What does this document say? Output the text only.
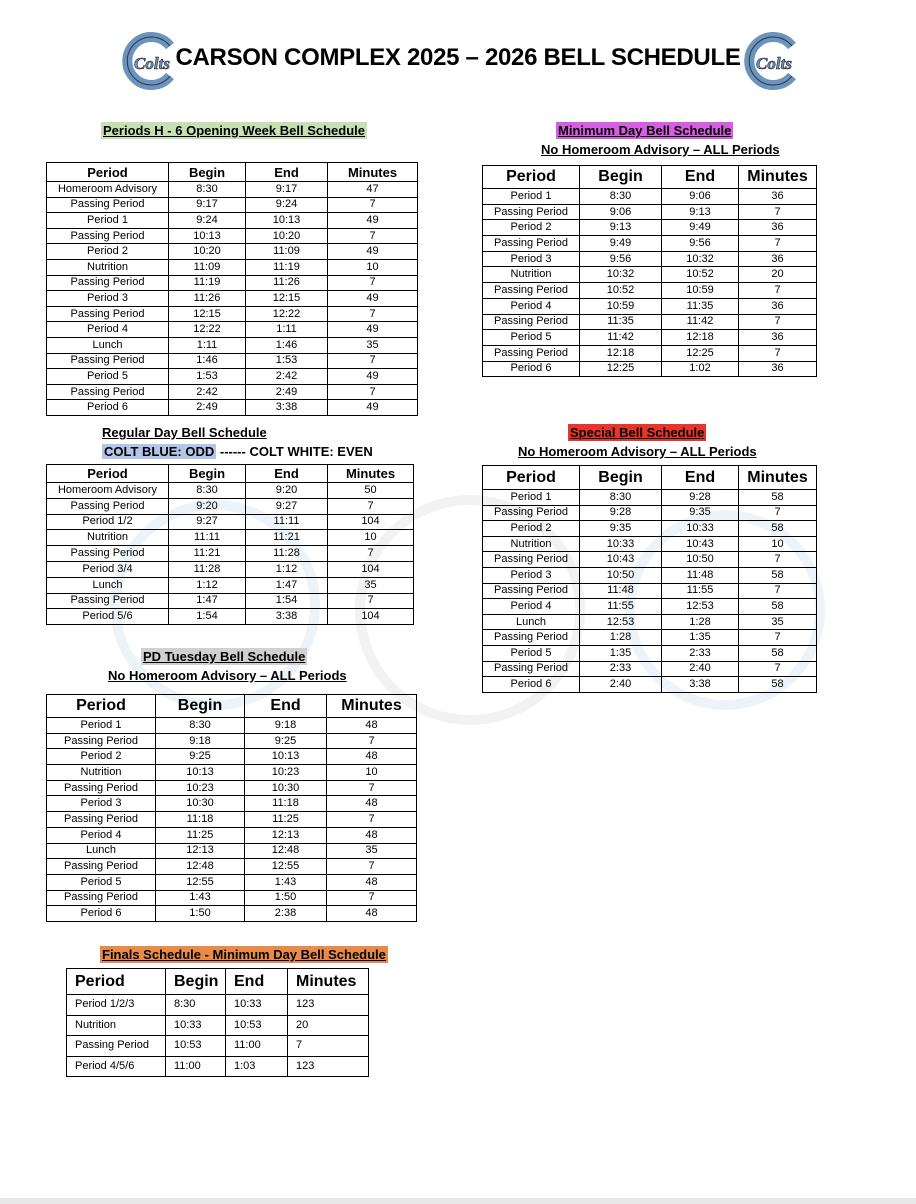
Colts CARSON COMPLEX 2025 – 2026 BELL SCHEDULE Colts
Periods H - 6 Opening Week Bell Schedule
Period	Begin	End	Minutes
Homeroom Advisory	8:30	9:17	47
Passing Period	9:17	9:24	7
Period 1	9:24	10:13	49
Passing Period	10:13	10:20	7
Period 2	10:20	11:09	49
Nutrition	11:09	11:19	10
Passing Period	11:19	11:26	7
Period 3	11:26	12:15	49
Passing Period	12:15	12:22	7
Period 4	12:22	1:11	49
Lunch	1:11	1:46	35
Passing Period	1:46	1:53	7
Period 5	1:53	2:42	49
Passing Period	2:42	2:49	7
Period 6	2:49	3:38	49
Minimum Day Bell Schedule
No Homeroom Advisory – ALL Periods
Period	Begin	End	Minutes
Period 1	8:30	9:06	36
Passing Period	9:06	9:13	7
Period 2	9:13	9:49	36
Passing Period	9:49	9:56	7
Period 3	9:56	10:32	36
Nutrition	10:32	10:52	20
Passing Period	10:52	10:59	7
Period 4	10:59	11:35	36
Passing Period	11:35	11:42	7
Period 5	11:42	12:18	36
Passing Period	12:18	12:25	7
Period 6	12:25	1:02	36
Regular Day Bell Schedule
COLT BLUE: ODD ------ COLT WHITE: EVEN
Period	Begin	End	Minutes
Homeroom Advisory	8:30	9:20	50
Passing Period	9:20	9:27	7
Period 1/2	9:27	11:11	104
Nutrition	11:11	11:21	10
Passing Period	11:21	11:28	7
Period 3/4	11:28	1:12	104
Lunch	1:12	1:47	35
Passing Period	1:47	1:54	7
Period 5/6	1:54	3:38	104
Special Bell Schedule
No Homeroom Advisory – ALL Periods
Period	Begin	End	Minutes
Period 1	8:30	9:28	58
Passing Period	9:28	9:35	7
Period 2	9:35	10:33	58
Nutrition	10:33	10:43	10
Passing Period	10:43	10:50	7
Period 3	10:50	11:48	58
Passing Period	11:48	11:55	7
Period 4	11:55	12:53	58
Lunch	12:53	1:28	35
Passing Period	1:28	1:35	7
Period 5	1:35	2:33	58
Passing Period	2:33	2:40	7
Period 6	2:40	3:38	58
PD Tuesday Bell Schedule
No Homeroom Advisory – ALL Periods
Period	Begin	End	Minutes
Period 1	8:30	9:18	48
Passing Period	9:18	9:25	7
Period 2	9:25	10:13	48
Nutrition	10:13	10:23	10
Passing Period	10:23	10:30	7
Period 3	10:30	11:18	48
Passing Period	11:18	11:25	7
Period 4	11:25	12:13	48
Lunch	12:13	12:48	35
Passing Period	12:48	12:55	7
Period 5	12:55	1:43	48
Passing Period	1:43	1:50	7
Period 6	1:50	2:38	48
Finals Schedule - Minimum Day Bell Schedule
Period	Begin	End	Minutes
Period 1/2/3	8:30	10:33	123
Nutrition	10:33	10:53	20
Passing Period	10:53	11:00	7
Period 4/5/6	11:00	1:03	123
